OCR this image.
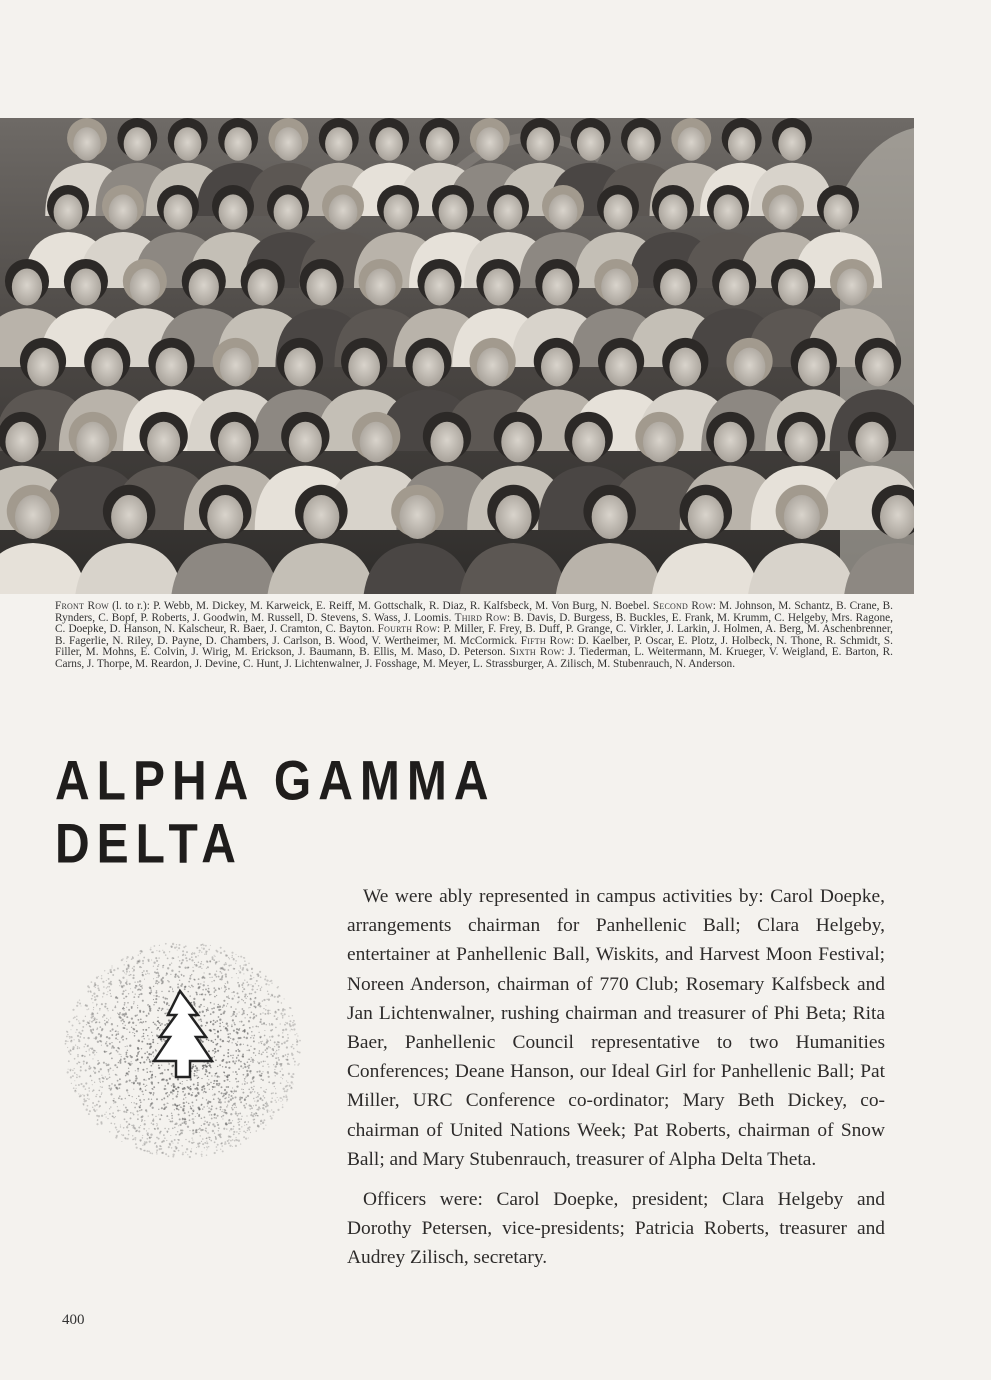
Front Row (l. to r.): P. Webb, M. Dickey, M. Karweick, E. Reiff, M. Gottschalk, R. Diaz, R. Kalfsbeck, M. Von Burg, N. Boebel. Second Row: M. Johnson, M. Schantz, B. Crane, B. Rynders, C. Bopf, P. Roberts, J. Goodwin, M. Russell, D. Stevens, S. Wass, J. Loomis. Third Row: B. Davis, D. Burgess, B. Buckles, E. Frank, M. Krumm, C. Helgeby, Mrs. Ragone, C. Doepke, D. Hanson, N. Kalscheur, R. Baer, J. Cramton, C. Bayton. Fourth Row: P. Miller, F. Frey, B. Duff, P. Grange, C. Virkler, J. Larkin, J. Holmen, A. Berg, M. Aschenbrenner, B. Fagerlie, N. Riley, D. Payne, D. Chambers, J. Carlson, B. Wood, V. Wertheimer, M. McCormick. Fifth Row: D. Kaelber, P. Oscar, E. Plotz, J. Holbeck, N. Thone, R. Schmidt, S. Filler, M. Mohns, E. Colvin, J. Wirig, M. Erickson, J. Baumann, B. Ellis, M. Maso, D. Peterson. Sixth Row: J. Tiederman, L. Weitermann, M. Krueger, V. Weigland, E. Barton, R. Carns, J. Thorpe, M. Reardon, J. Devine, C. Hunt, J. Lichtenwalner, J. Fosshage, M. Meyer, L. Strassburger, A. Zilisch, M. Stubenrauch, N. Anderson.
ALPHA GAMMA DELTA

We were ably represented in campus activities by: Carol Doepke, arrangements chairman for Panhellenic Ball; Clara Helgeby, entertainer at Panhellenic Ball, Wiskits, and Harvest Moon Festival; Noreen Anderson, chairman of 770 Club; Rosemary Kalfsbeck and Jan Lichtenwalner, rushing chairman and treasurer of Phi Beta; Rita Baer, Panhellenic Council representative to two Humanities Conferences; Deane Hanson, our Ideal Girl for Panhellenic Ball; Pat Miller, URC Conference co-ordinator; Mary Beth Dickey, co-chairman of United Nations Week; Pat Roberts, chairman of Snow Ball; and Mary Stubenrauch, treasurer of Alpha Delta Theta.

Officers were: Carol Doepke, president; Clara Helgeby and Dorothy Petersen, vice-presidents; Patricia Roberts, treasurer and Audrey Zilisch, secretary.

400
